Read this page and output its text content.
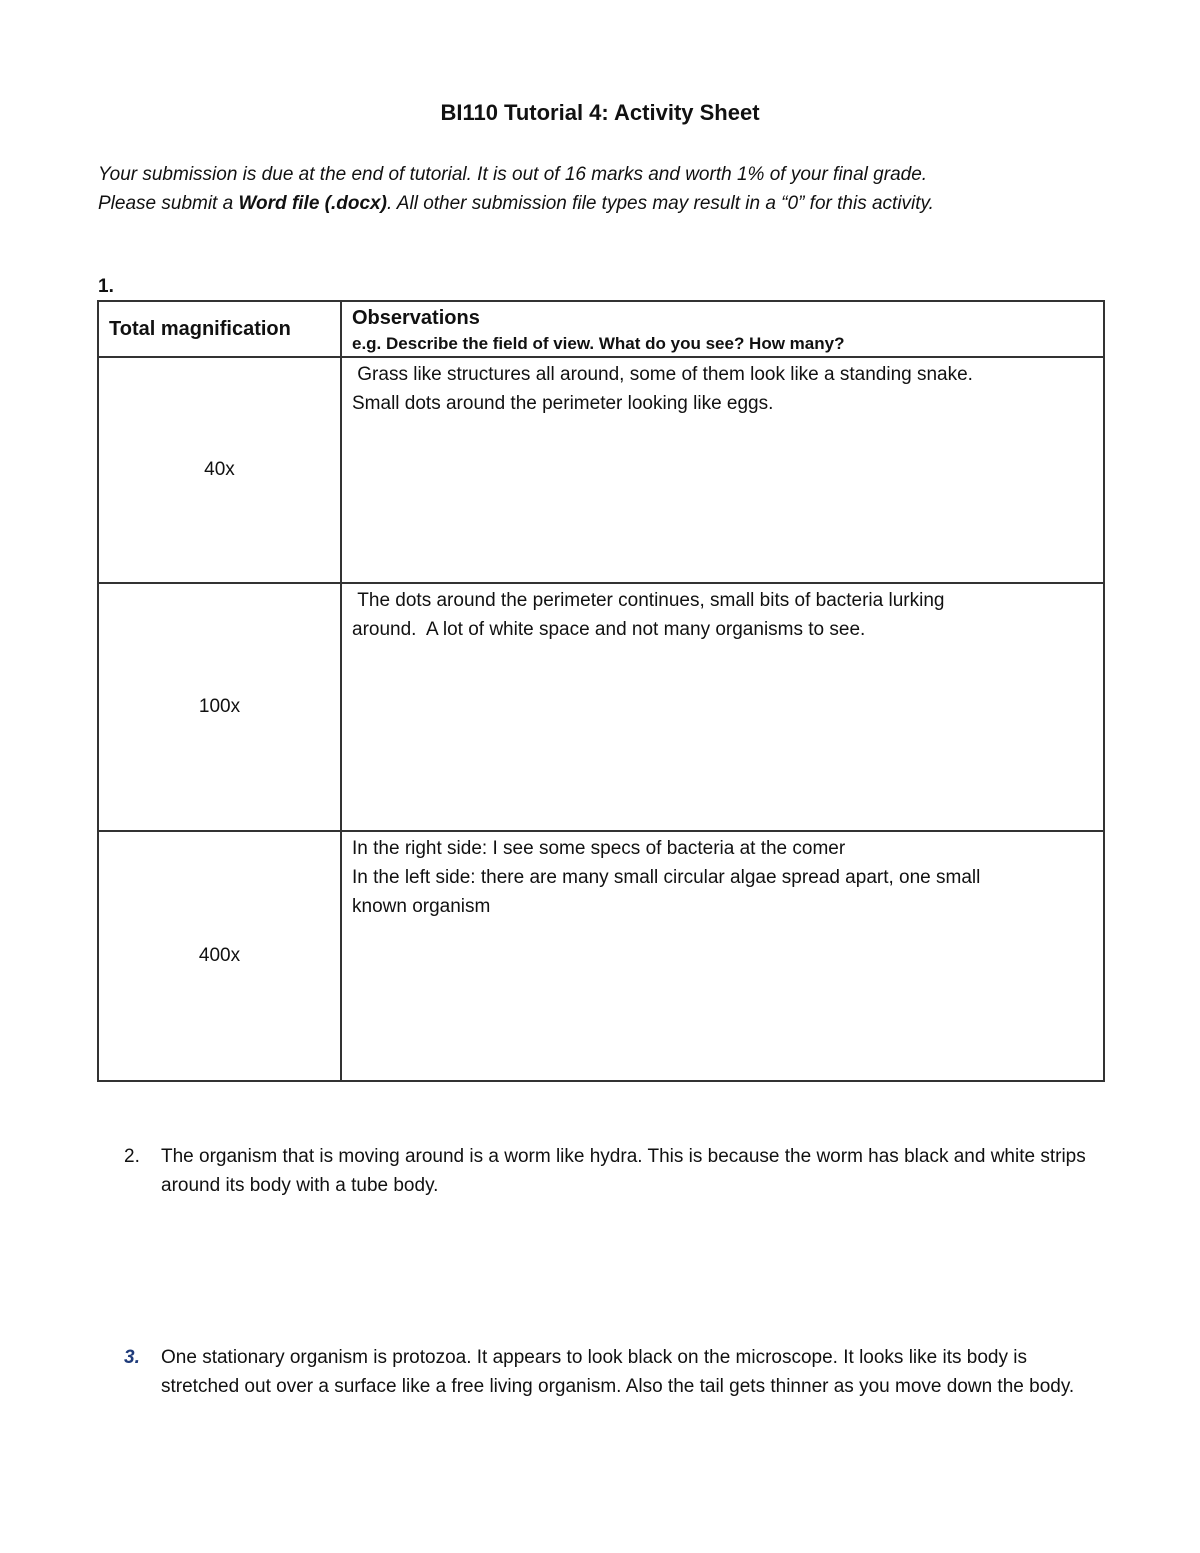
BI110 Tutorial 4: Activity Sheet
Your submission is due at the end of tutorial. It is out of 16 marks and worth 1% of your final grade.
Please submit a Word file (.docx). All other submission file types may result in a “0” for this activity.
1.
Total magnification	Observations
e.g. Describe the field of view. What do you see? How many?

40x	Grass like structures all around, some of them look like a standing snake.
Small dots around the perimeter looking like eggs.

100x	The dots around the perimeter continues, small bits of bacteria lurking
around.  A lot of white space and not many organisms to see.

400x	In the right side: I see some specs of bacteria at the comer
In the left side: there are many small circular algae spread apart, one small
known organism
2.	The organism that is moving around is a worm like hydra. This is because the worm has black and white strips around its body with a tube body.
3.	One stationary organism is protozoa. It appears to look black on the microscope. It looks like its body is stretched out over a surface like a free living organism. Also the tail gets thinner as you move down the body.
